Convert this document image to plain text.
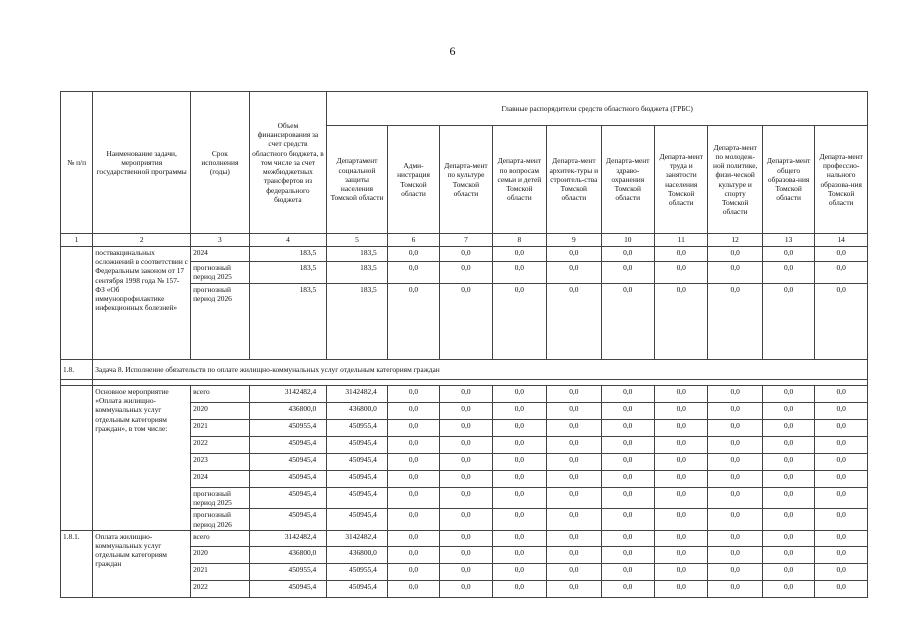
6
№ п/п	Наименование задачи, мероприятия государственной программы	Срок исполнения (годы)	Объем финансирования за счет средств областного бюджета, в том числе за счет межбюджетных трансфертов из федерального бюджета	Главные распорядители средств областного бюджета (ГРБС)									
				Департамент социальной защиты населения Томской области	Адми-нистрация Томской области	Департа-мент по культуре Томской области	Департа-мент по вопросам семьи и детей Томской области	Департа-мент архитек-туры и строитель-ства Томской области	Департа-мент здраво-охранения Томской области	Департа-мент труда и занятости населения Томской области	Департа-мент по молодеж-ной политике, физи-ческой культуре и спорту Томской области	Департа-мент общего образова-ния Томской области	Департа-мент профессио-нального образова-ния Томской области
1	2	3	4	5	6	7	8	9	10	11	12	13	14
	поствакцинальных осложнений в соответствии с Федеральным законом от 17 сентября 1998 года № 157-ФЗ «Об иммунопрофилактике инфекционных болезней»	2024	183,5	183,5	0,0	0,0	0,0	0,0	0,0	0,0	0,0	0,0	0,0
		прогнозный период 2025	183,5	183,5	0,0	0,0	0,0	0,0	0,0	0,0	0,0	0,0	0,0
		прогнозный период 2026	183,5	183,5	0,0	0,0	0,0	0,0	0,0	0,0	0,0	0,0	0,0
1.8.	Задача 8. Исполнение обязательств по оплате жилищно-коммунальных услуг отдельным категориям граждан												

	Основное мероприятие «Оплата жилищно-коммунальных услуг отдельным категориям граждан», в том числе:	всего	3142482,4	3142482,4	0,0	0,0	0,0	0,0	0,0	0,0	0,0	0,0	0,0
		2020	436800,0	436800,0	0,0	0,0	0,0	0,0	0,0	0,0	0,0	0,0	0,0
		2021	450955,4	450955,4	0,0	0,0	0,0	0,0	0,0	0,0	0,0	0,0	0,0
		2022	450945,4	450945,4	0,0	0,0	0,0	0,0	0,0	0,0	0,0	0,0	0,0
		2023	450945,4	450945,4	0,0	0,0	0,0	0,0	0,0	0,0	0,0	0,0	0,0
		2024	450945,4	450945,4	0,0	0,0	0,0	0,0	0,0	0,0	0,0	0,0	0,0
		прогнозный период 2025	450945,4	450945,4	0,0	0,0	0,0	0,0	0,0	0,0	0,0	0,0	0,0
		прогнозный период 2026	450945,4	450945,4	0,0	0,0	0,0	0,0	0,0	0,0	0,0	0,0	0,0
1.8.1.	Оплата жилищно-коммунальных услуг отдельным категориям граждан	всего	3142482,4	3142482,4	0,0	0,0	0,0	0,0	0,0	0,0	0,0	0,0	0,0
		2020	436800,0	436800,0	0,0	0,0	0,0	0,0	0,0	0,0	0,0	0,0	0,0
		2021	450955,4	450955,4	0,0	0,0	0,0	0,0	0,0	0,0	0,0	0,0	0,0
		2022	450945,4	450945,4	0,0	0,0	0,0	0,0	0,0	0,0	0,0	0,0	0,0
